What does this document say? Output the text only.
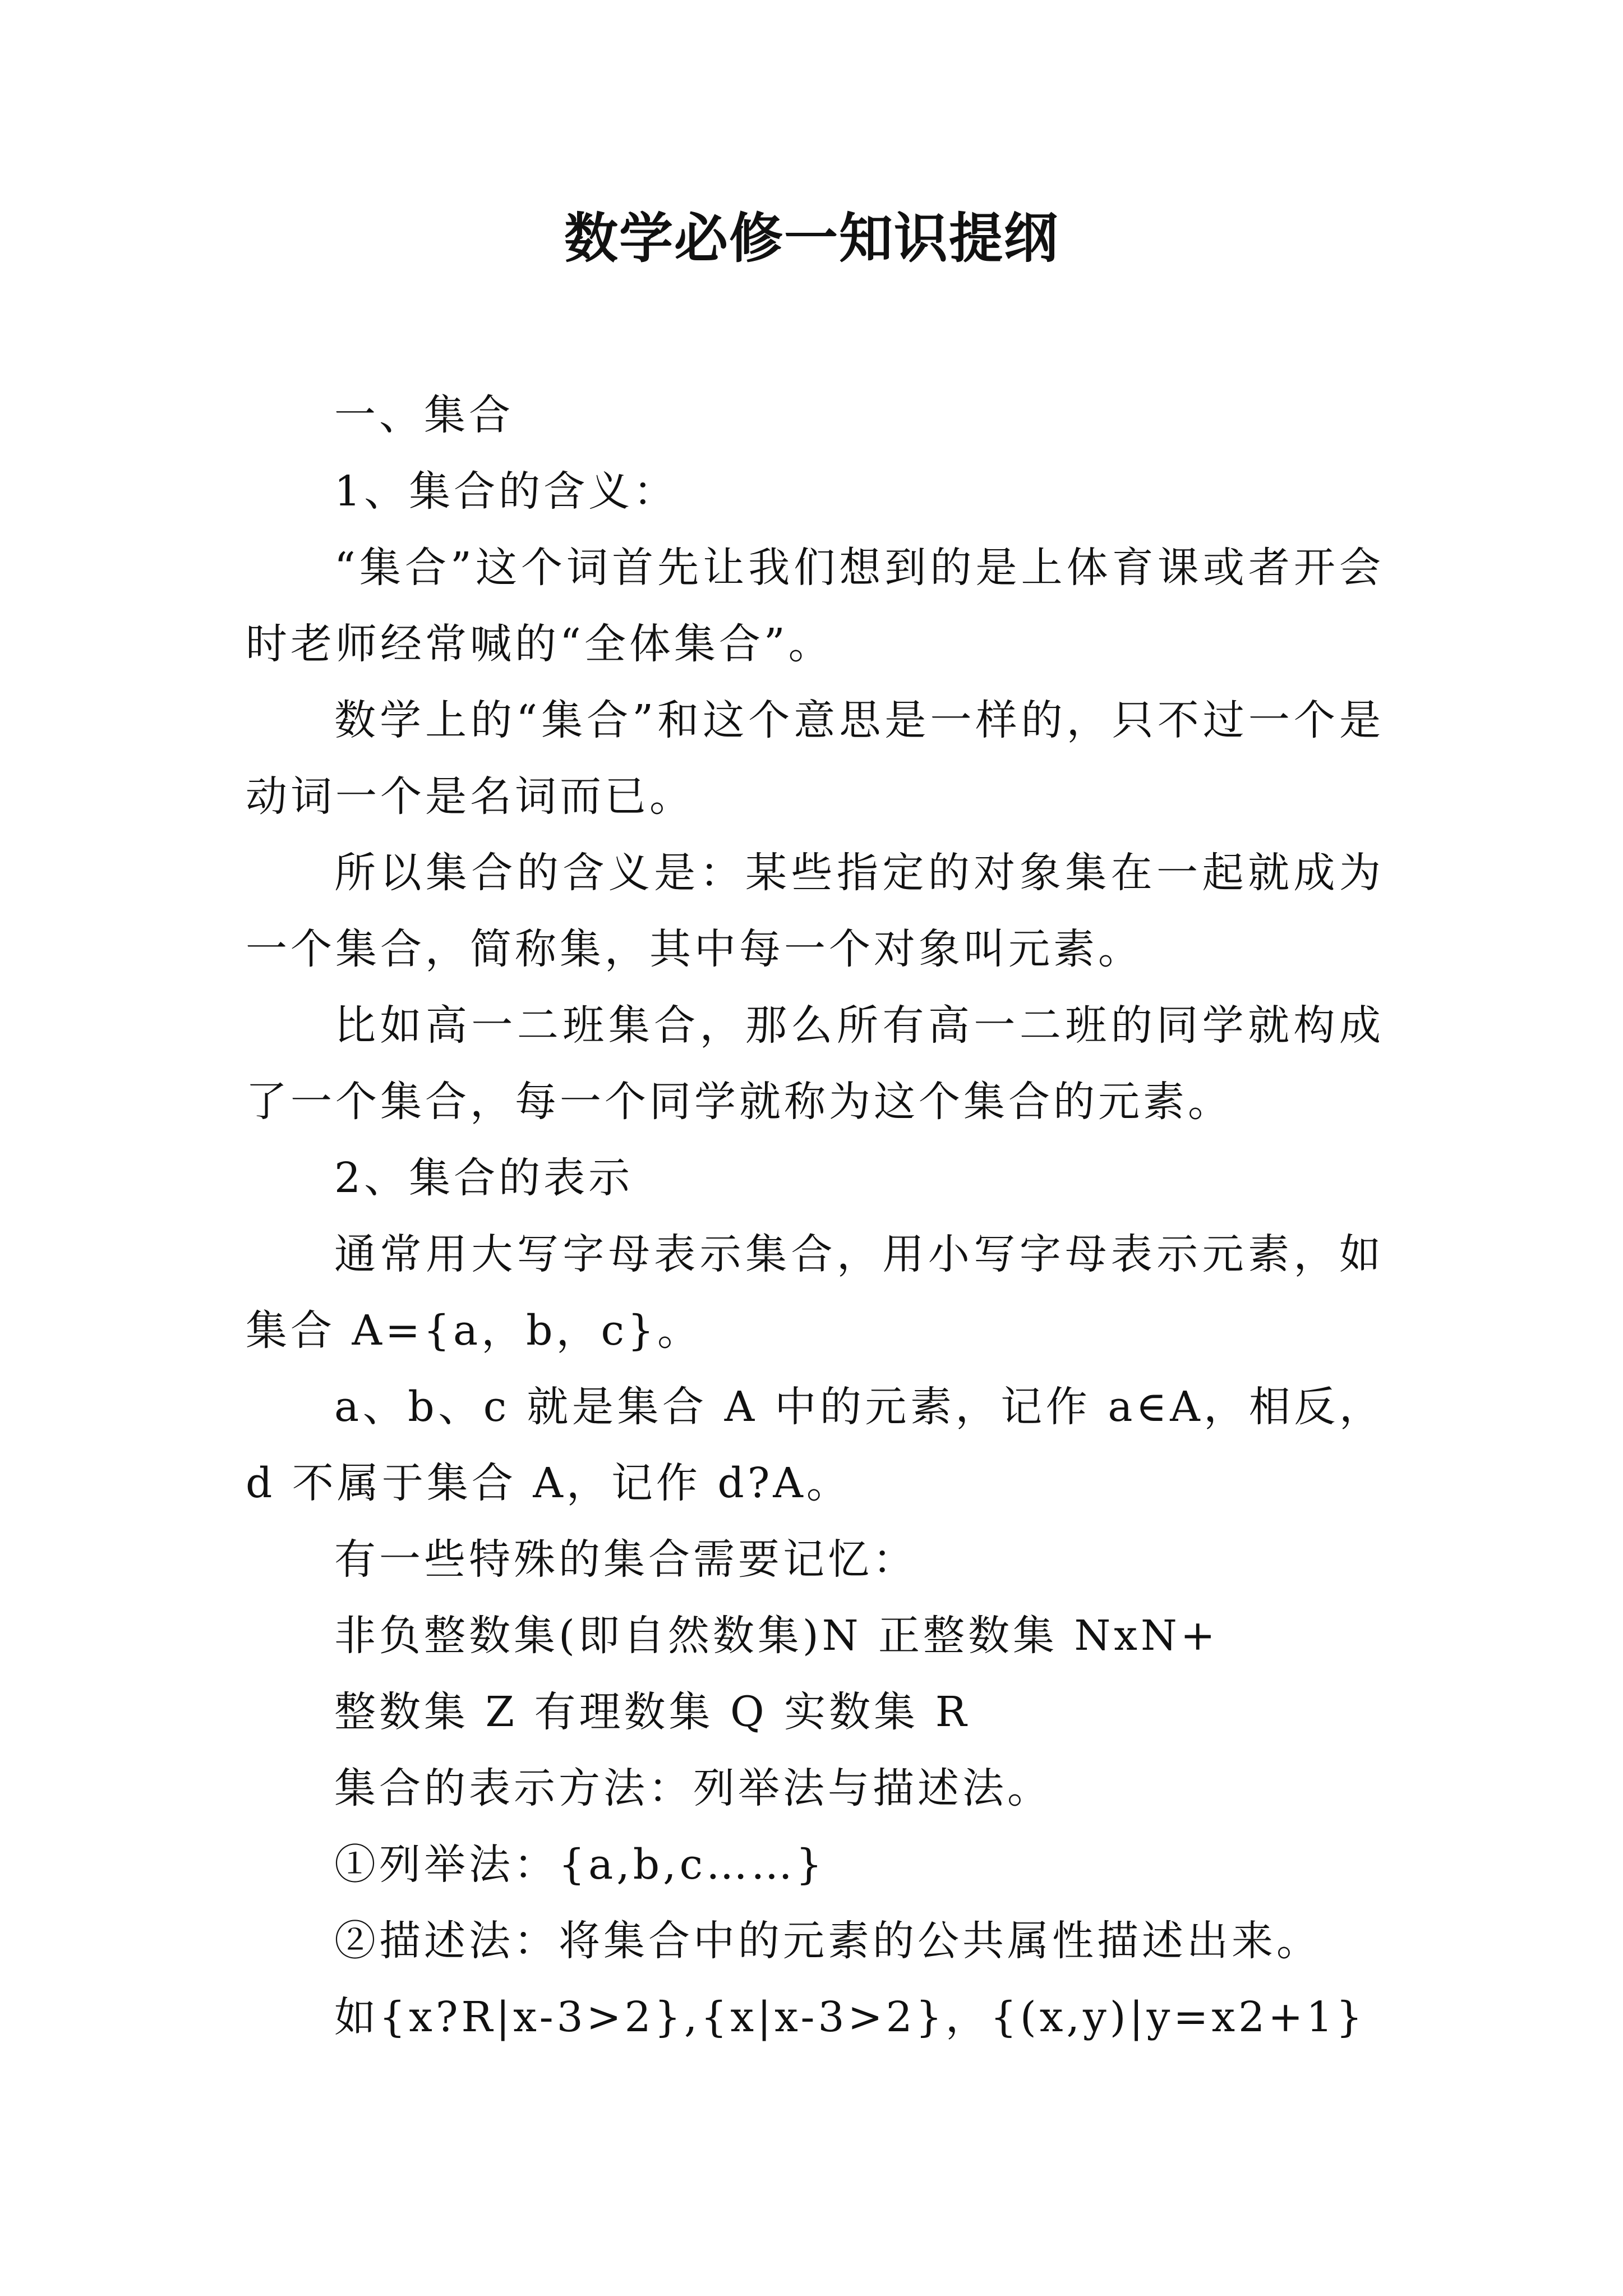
数学必修一知识提纲

一、集合

1、集合的含义：

“集合”这个词首先让我们想到的是上体育课或者开会时老师经常喊的“全体集合”。

数学上的“集合”和这个意思是一样的，只不过一个是动词一个是名词而已。

所以集合的含义是：某些指定的对象集在一起就成为一个集合，简称集，其中每一个对象叫元素。

比如高一二班集合，那么所有高一二班的同学就构成了一个集合，每一个同学就称为这个集合的元素。

2、集合的表示

通常用大写字母表示集合，用小写字母表示元素，如集合 A={a，b，c}。

a、b、c 就是集合 A 中的元素，记作 a∈A，相反，d 不属于集合 A，记作 d?A。

有一些特殊的集合需要记忆：

非负整数集(即自然数集)N 正整数集 NxN+

整数集 Z 有理数集 Q 实数集 R

集合的表示方法：列举法与描述法。

①列举法：{a,b,c……}

②描述法：将集合中的元素的公共属性描述出来。

如{x?R|x-3>2},{x|x-3>2}，{(x,y)|y=x2+1}
